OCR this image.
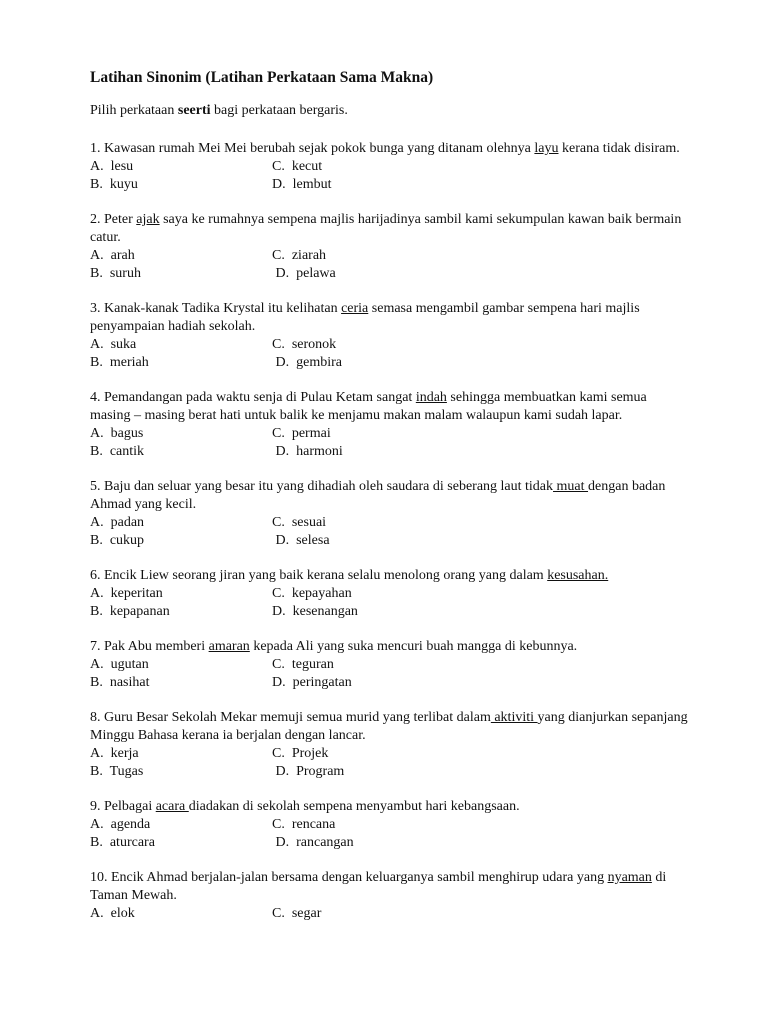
Latihan Sinonim (Latihan Perkataan Sama Makna)
Pilih perkataan seerti bagi perkataan bergaris.

1. Kawasan rumah Mei Mei berubah sejak pokok bunga yang ditanam olehnya layu kerana tidak disiram.

A.  lesu	C.  kecut
B.  kuyu	D.  lembut

2. Peter ajak saya ke rumahnya sempena majlis harijadinya sambil kami sekumpulan kawan baik bermain catur.

A.  arah	C.  ziarah
B.  suruh	D.  pelawa

3. Kanak-kanak Tadika Krystal itu kelihatan ceria semasa mengambil gambar sempena hari majlis penyampaian hadiah sekolah.

A.  suka	C.  seronok
B.  meriah	D.  gembira

4. Pemandangan pada waktu senja di Pulau Ketam sangat indah sehingga membuatkan kami semua masing – masing berat hati untuk balik ke menjamu makan malam walaupun kami sudah lapar.

A.  bagus	C.  permai
B.  cantik	D.  harmoni

5. Baju dan seluar yang besar itu yang dihadiah oleh saudara di seberang laut tidak muat dengan badan Ahmad yang kecil.

A.  padan	C.  sesuai
B.  cukup	D.  selesa

6. Encik Liew seorang jiran yang baik kerana selalu menolong orang yang dalam kesusahan.

A.  keperitan	C.  kepayahan
B.  kepapanan	D.  kesenangan

7. Pak Abu memberi amaran kepada Ali yang suka mencuri buah mangga di kebunnya.

A.  ugutan	C.  teguran
B.  nasihat	D.  peringatan

8. Guru Besar Sekolah Mekar memuji semua murid yang terlibat dalam aktiviti yang dianjurkan sepanjang Minggu Bahasa kerana ia berjalan dengan lancar.

A.  kerja	C.  Projek
B.  Tugas	D.  Program

9. Pelbagai acara diadakan di sekolah sempena menyambut hari kebangsaan.

A.  agenda	C.  rencana
B.  aturcara	D.  rancangan

10. Encik Ahmad berjalan-jalan bersama dengan keluarganya sambil menghirup udara yang nyaman di Taman Mewah.

A.  elok	C.  segar
